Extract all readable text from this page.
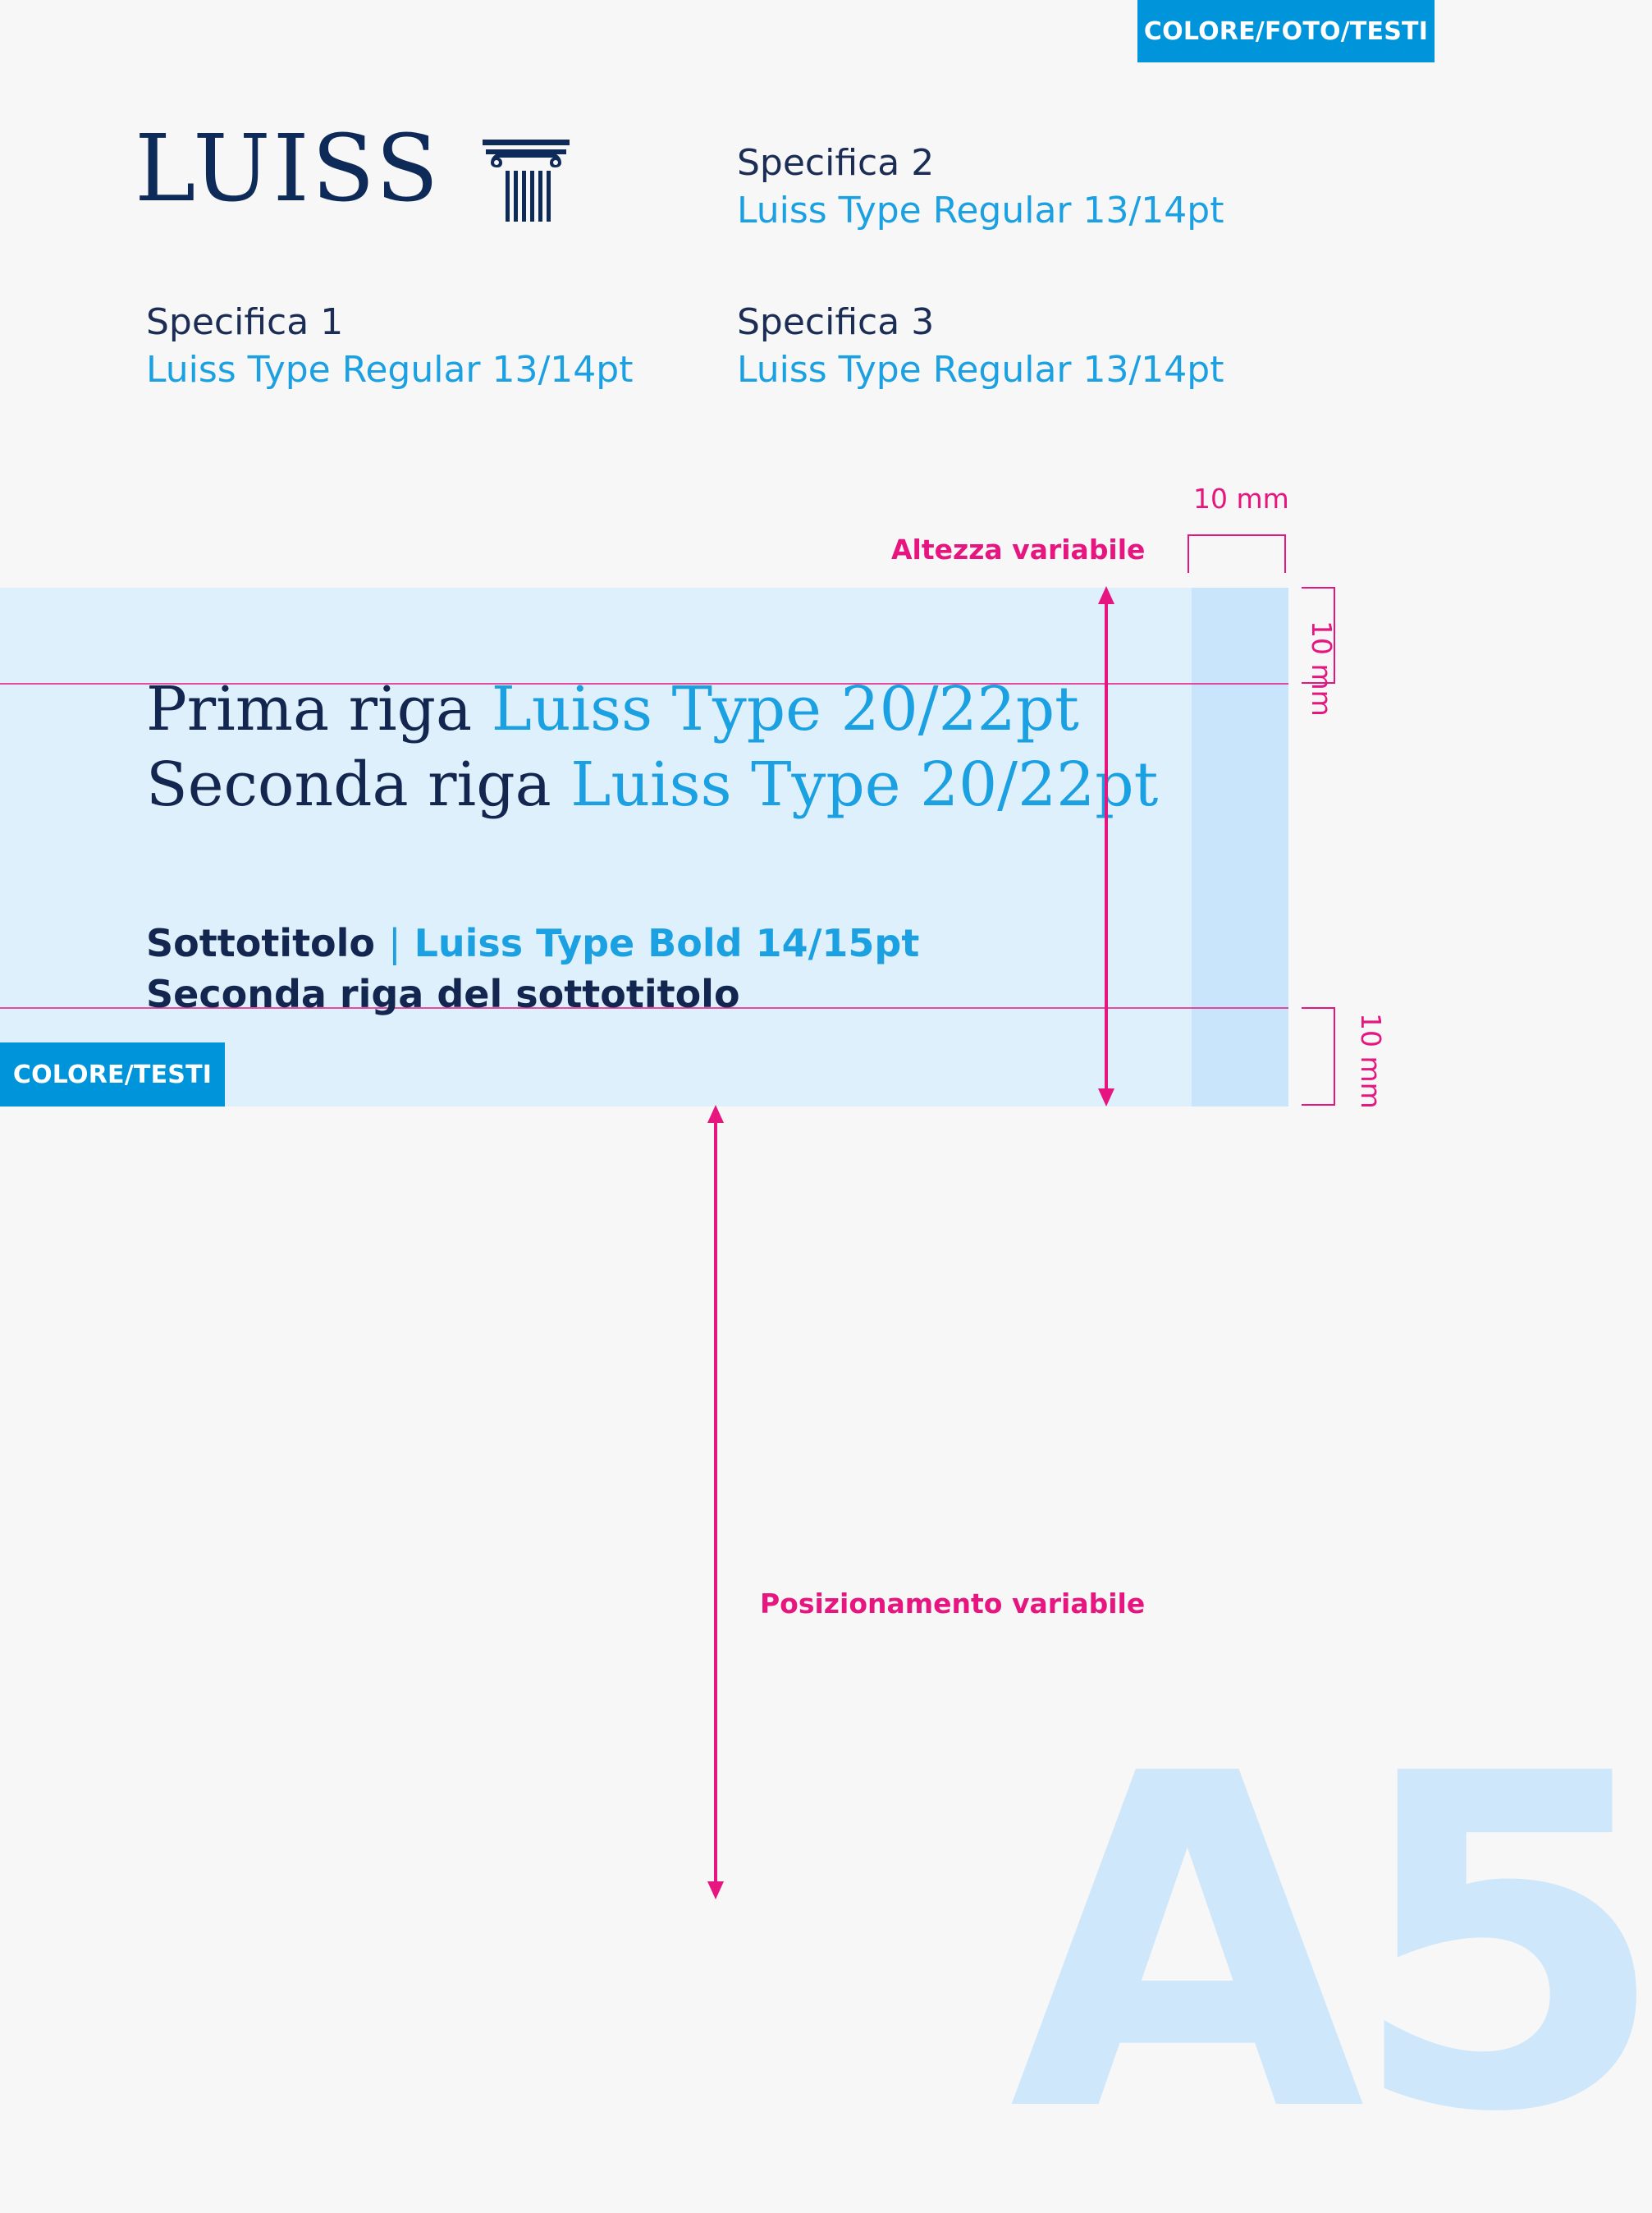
COLORE/FOTO/TESTI
LUISS	Specifica 2
Luiss Type Regular 13/14pt
Specifica 1
Luiss Type Regular 13/14pt
Specifica 3
Luiss Type Regular 13/14pt
10 mm
Altezza variabile
10 mm
10 mm
Prima riga Luiss Type 20/22pt
Seconda riga Luiss Type 20/22pt
Sottotitolo | Luiss Type Bold 14/15pt
Seconda riga del sottotitolo
COLORE/TESTI
Posizionamento variabile
A5
